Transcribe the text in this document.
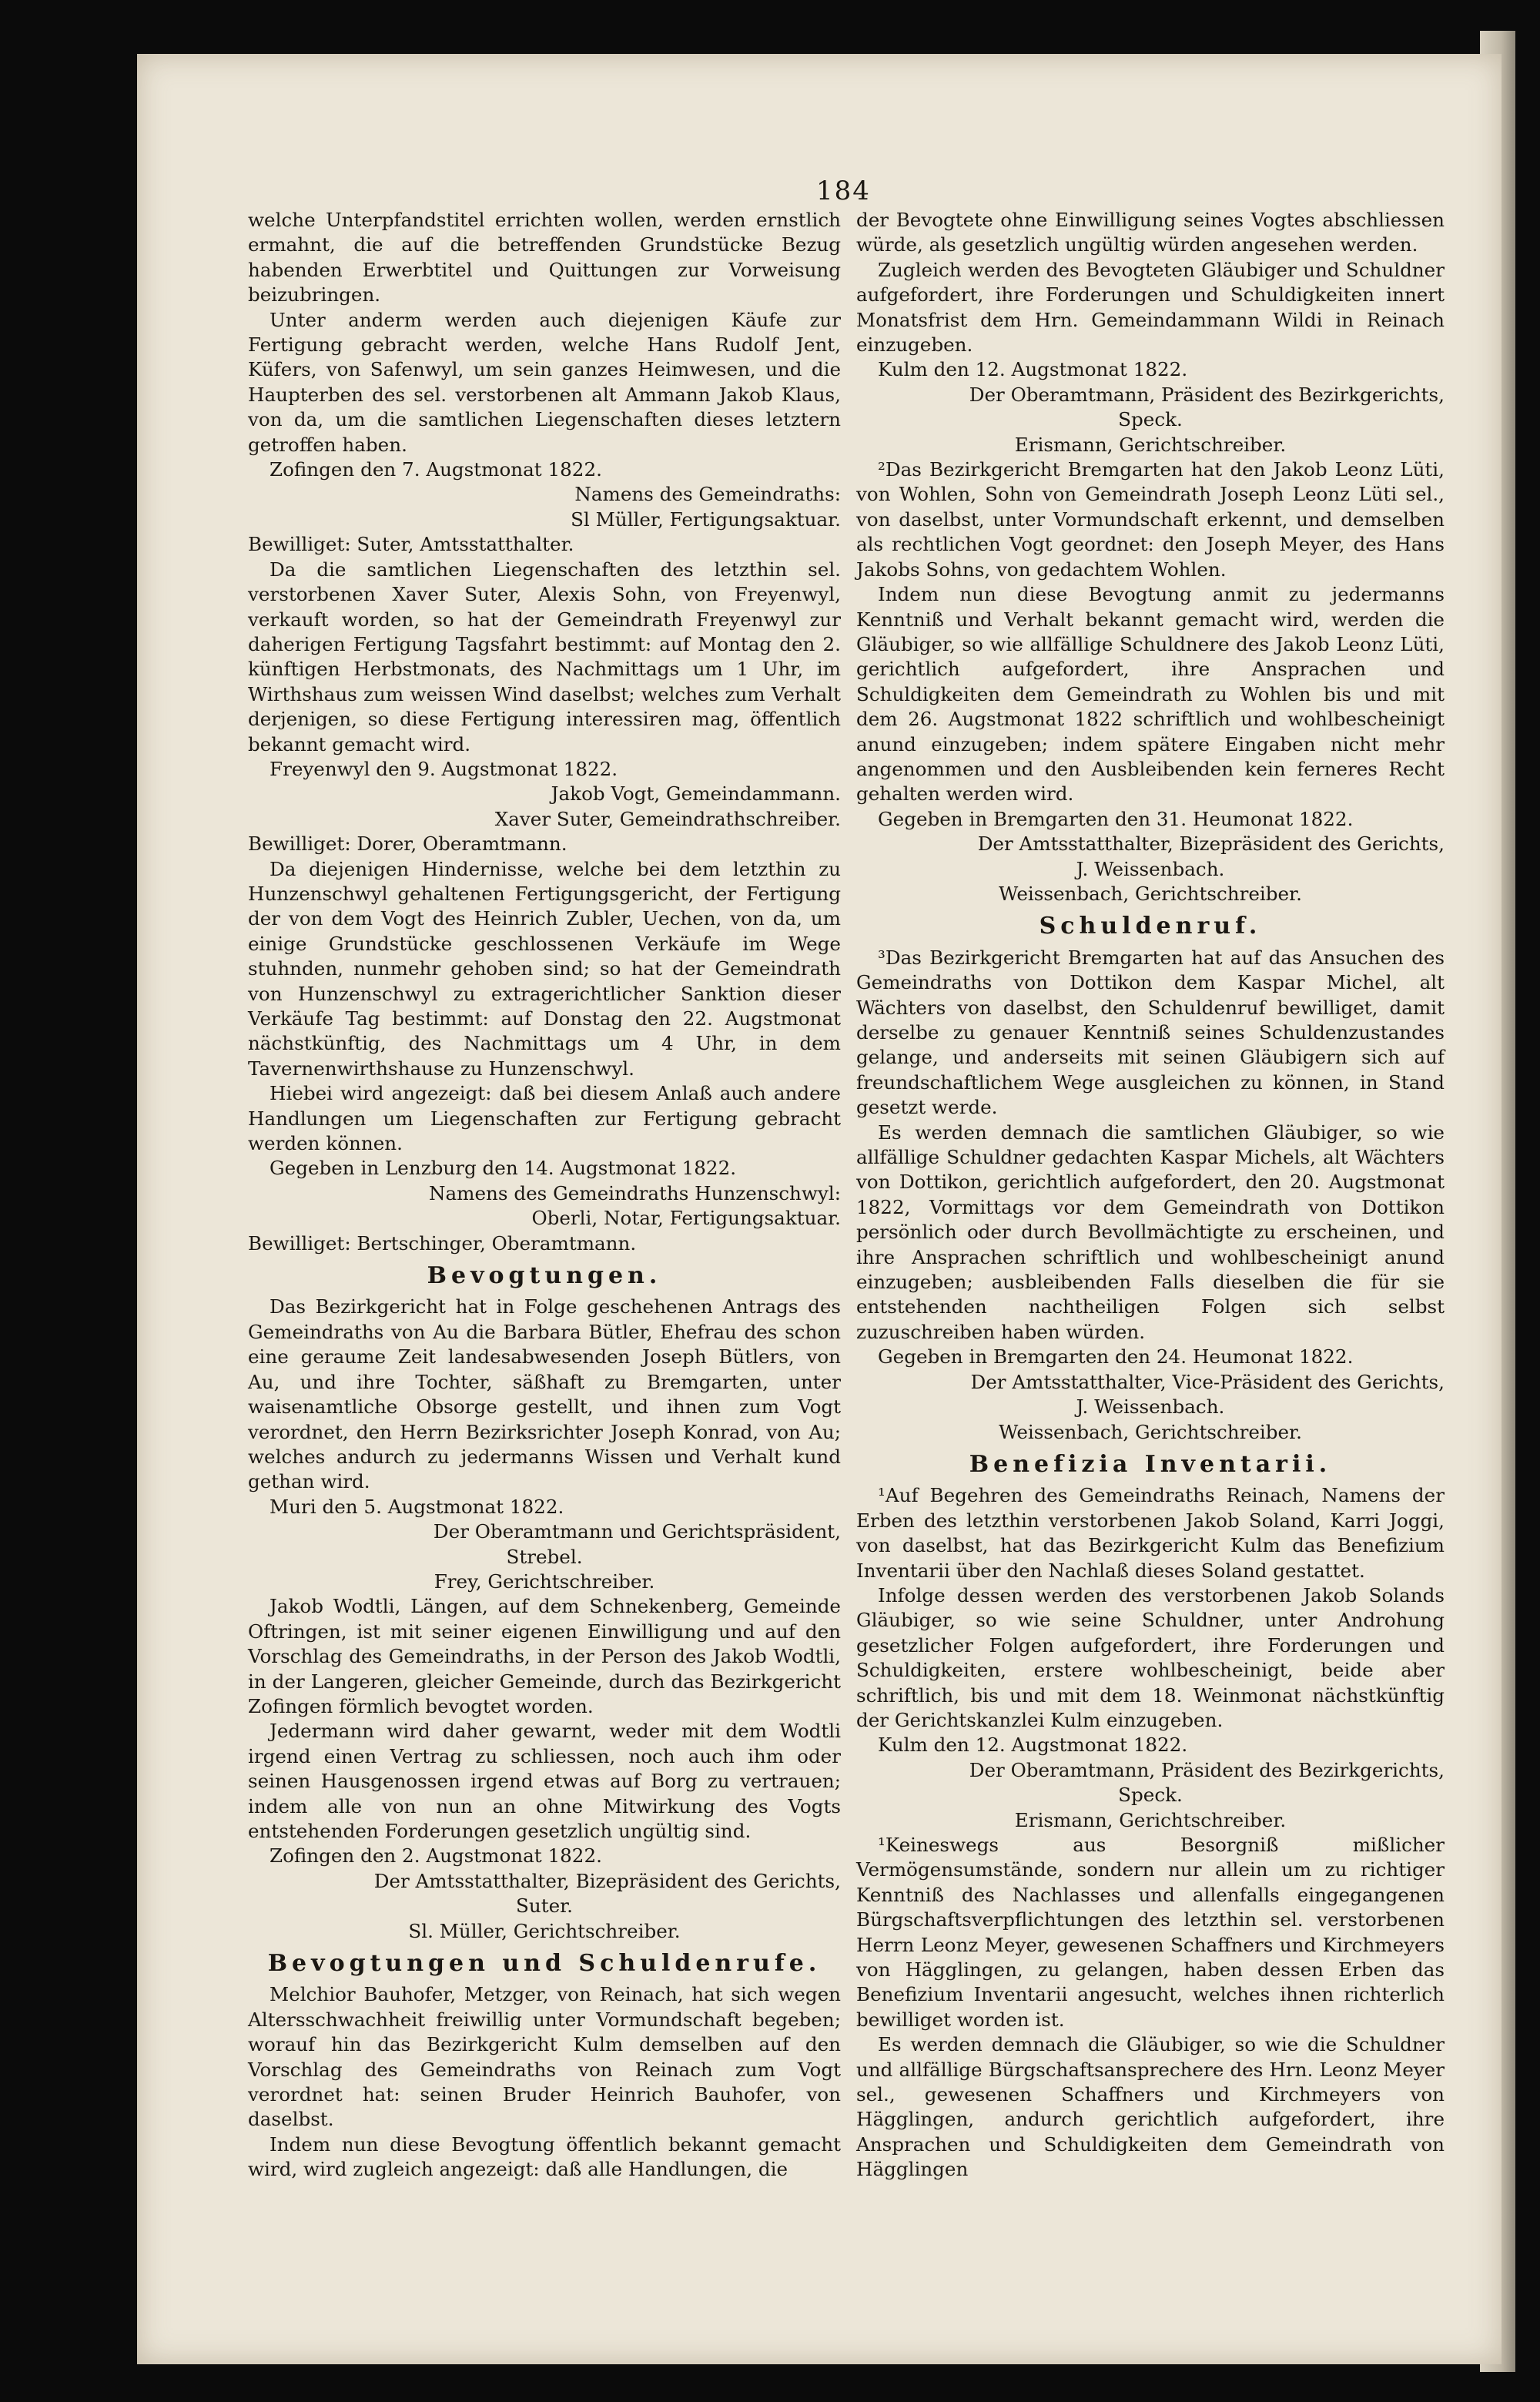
184

welche Unterpfandstitel errichten wollen, werden ernstlich ermahnt, die auf die betreffenden Grundstücke Bezug habenden Erwerbtitel und Quittungen zur Vorweisung beizubringen.

Unter anderm werden auch diejenigen Käufe zur Fertigung gebracht werden, welche Hans Rudolf Jent, Küfers, von Safenwyl, um sein ganzes Heimwesen, und die Haupterben des sel. verstorbenen alt Ammann Jakob Klaus, von da, um die samtlichen Liegenschaften dieses letztern getroffen haben.

Zofingen den 7. Augstmonat 1822.

Namens des Gemeindraths:

Sl Müller, Fertigungsaktuar.

Bewilliget: Suter, Amtsstatthalter.

Da die samtlichen Liegenschaften des letzthin sel. verstorbenen Xaver Suter, Alexis Sohn, von Freyenwyl, verkauft worden, so hat der Gemeindrath Freyenwyl zur daherigen Fertigung Tagsfahrt bestimmt: auf Montag den 2. künftigen Herbstmonats, des Nachmittags um 1 Uhr, im Wirthshaus zum weissen Wind daselbst; welches zum Verhalt derjenigen, so diese Fertigung interessiren mag, öffentlich bekannt gemacht wird.

Freyenwyl den 9. Augstmonat 1822.

Jakob Vogt, Gemeindammann.

Xaver Suter, Gemeindrathschreiber.

Bewilliget: Dorer, Oberamtmann.

Da diejenigen Hindernisse, welche bei dem letzthin zu Hunzenschwyl gehaltenen Fertigungsgericht, der Fertigung der von dem Vogt des Heinrich Zubler, Uechen, von da, um einige Grundstücke geschlossenen Verkäufe im Wege stuhnden, nunmehr gehoben sind; so hat der Gemeindrath von Hunzenschwyl zu extragerichtlicher Sanktion dieser Verkäufe Tag bestimmt: auf Donstag den 22. Augstmonat nächstkünftig, des Nachmittags um 4 Uhr, in dem Tavernenwirthshause zu Hunzenschwyl.

Hiebei wird angezeigt: daß bei diesem Anlaß auch andere Handlungen um Liegenschaften zur Fertigung gebracht werden können.

Gegeben in Lenzburg den 14. Augstmonat 1822.

Namens des Gemeindraths Hunzenschwyl:

Oberli, Notar, Fertigungsaktuar.

Bewilliget: Bertschinger, Oberamtmann.

Bevogtungen.

Das Bezirkgericht hat in Folge geschehenen Antrags des Gemeindraths von Au die Barbara Bütler, Ehefrau des schon eine geraume Zeit landesabwesenden Joseph Bütlers, von Au, und ihre Tochter, säßhaft zu Bremgarten, unter waisenamtliche Obsorge gestellt, und ihnen zum Vogt verordnet, den Herrn Bezirksrichter Joseph Konrad, von Au; welches andurch zu jedermanns Wissen und Verhalt kund gethan wird.

Muri den 5. Augstmonat 1822.

Der Oberamtmann und Gerichtspräsident,

Strebel.

Frey, Gerichtschreiber.

Jakob Wodtli, Längen, auf dem Schnekenberg, Gemeinde Oftringen, ist mit seiner eigenen Einwilligung und auf den Vorschlag des Gemeindraths, in der Person des Jakob Wodtli, in der Langeren, gleicher Gemeinde, durch das Bezirkgericht Zofingen förmlich bevogtet worden.

Jedermann wird daher gewarnt, weder mit dem Wodtli irgend einen Vertrag zu schliessen, noch auch ihm oder seinen Hausgenossen irgend etwas auf Borg zu vertrauen; indem alle von nun an ohne Mitwirkung des Vogts entstehenden Forderungen gesetzlich ungültig sind.

Zofingen den 2. Augstmonat 1822.

Der Amtsstatthalter, Bizepräsident des Gerichts,

Suter.

Sl. Müller, Gerichtschreiber.

Bevogtungen und Schuldenrufe.

Melchior Bauhofer, Metzger, von Reinach, hat sich wegen Altersschwachheit freiwillig unter Vormundschaft begeben; worauf hin das Bezirkgericht Kulm demselben auf den Vorschlag des Gemeindraths von Reinach zum Vogt verordnet hat: seinen Bruder Heinrich Bauhofer, von daselbst.

Indem nun diese Bevogtung öffentlich bekannt gemacht wird, wird zugleich angezeigt: daß alle Handlungen, die

der Bevogtete ohne Einwilligung seines Vogtes abschliessen würde, als gesetzlich ungültig würden angesehen werden.

Zugleich werden des Bevogteten Gläubiger und Schuldner aufgefordert, ihre Forderungen und Schuldigkeiten innert Monatsfrist dem Hrn. Gemeindammann Wildi in Reinach einzugeben.

Kulm den 12. Augstmonat 1822.

Der Oberamtmann, Präsident des Bezirkgerichts,

Speck.

Erismann, Gerichtschreiber.

²Das Bezirkgericht Bremgarten hat den Jakob Leonz Lüti, von Wohlen, Sohn von Gemeindrath Joseph Leonz Lüti sel., von daselbst, unter Vormundschaft erkennt, und demselben als rechtlichen Vogt geordnet: den Joseph Meyer, des Hans Jakobs Sohns, von gedachtem Wohlen.

Indem nun diese Bevogtung anmit zu jedermanns Kenntniß und Verhalt bekannt gemacht wird, werden die Gläubiger, so wie allfällige Schuldnere des Jakob Leonz Lüti, gerichtlich aufgefordert, ihre Ansprachen und Schuldigkeiten dem Gemeindrath zu Wohlen bis und mit dem 26. Augstmonat 1822 schriftlich und wohlbescheinigt anund einzugeben; indem spätere Eingaben nicht mehr angenommen und den Ausbleibenden kein ferneres Recht gehalten werden wird.

Gegeben in Bremgarten den 31. Heumonat 1822.

Der Amtsstatthalter, Bizepräsident des Gerichts,

J. Weissenbach.

Weissenbach, Gerichtschreiber.

Schuldenruf.

³Das Bezirkgericht Bremgarten hat auf das Ansuchen des Gemeindraths von Dottikon dem Kaspar Michel, alt Wächters von daselbst, den Schuldenruf bewilliget, damit derselbe zu genauer Kenntniß seines Schuldenzustandes gelange, und anderseits mit seinen Gläubigern sich auf freundschaftlichem Wege ausgleichen zu können, in Stand gesetzt werde.

Es werden demnach die samtlichen Gläubiger, so wie allfällige Schuldner gedachten Kaspar Michels, alt Wächters von Dottikon, gerichtlich aufgefordert, den 20. Augstmonat 1822, Vormittags vor dem Gemeindrath von Dottikon persönlich oder durch Bevollmächtigte zu erscheinen, und ihre Ansprachen schriftlich und wohlbescheinigt anund einzugeben; ausbleibenden Falls dieselben die für sie entstehenden nachtheiligen Folgen sich selbst zuzuschreiben haben würden.

Gegeben in Bremgarten den 24. Heumonat 1822.

Der Amtsstatthalter, Vice-Präsident des Gerichts,

J. Weissenbach.

Weissenbach, Gerichtschreiber.

Benefizia Inventarii.

¹Auf Begehren des Gemeindraths Reinach, Namens der Erben des letzthin verstorbenen Jakob Soland, Karri Joggi, von daselbst, hat das Bezirkgericht Kulm das Benefizium Inventarii über den Nachlaß dieses Soland gestattet.

Infolge dessen werden des verstorbenen Jakob Solands Gläubiger, so wie seine Schuldner, unter Androhung gesetzlicher Folgen aufgefordert, ihre Forderungen und Schuldigkeiten, erstere wohlbescheinigt, beide aber schriftlich, bis und mit dem 18. Weinmonat nächstkünftig der Gerichtskanzlei Kulm einzugeben.

Kulm den 12. Augstmonat 1822.

Der Oberamtmann, Präsident des Bezirkgerichts,

Speck.

Erismann, Gerichtschreiber.

¹Keineswegs aus Besorgniß mißlicher Vermögensumstände, sondern nur allein um zu richtiger Kenntniß des Nachlasses und allenfalls eingegangenen Bürgschaftsverpflichtungen des letzthin sel. verstorbenen Herrn Leonz Meyer, gewesenen Schaffners und Kirchmeyers von Hägglingen, zu gelangen, haben dessen Erben das Benefizium Inventarii angesucht, welches ihnen richterlich bewilliget worden ist.

Es werden demnach die Gläubiger, so wie die Schuldner und allfällige Bürgschaftsansprechere des Hrn. Leonz Meyer sel., gewesenen Schaffners und Kirchmeyers von Hägglingen, andurch gerichtlich aufgefordert, ihre Ansprachen und Schuldigkeiten dem Gemeindrath von Hägglingen
